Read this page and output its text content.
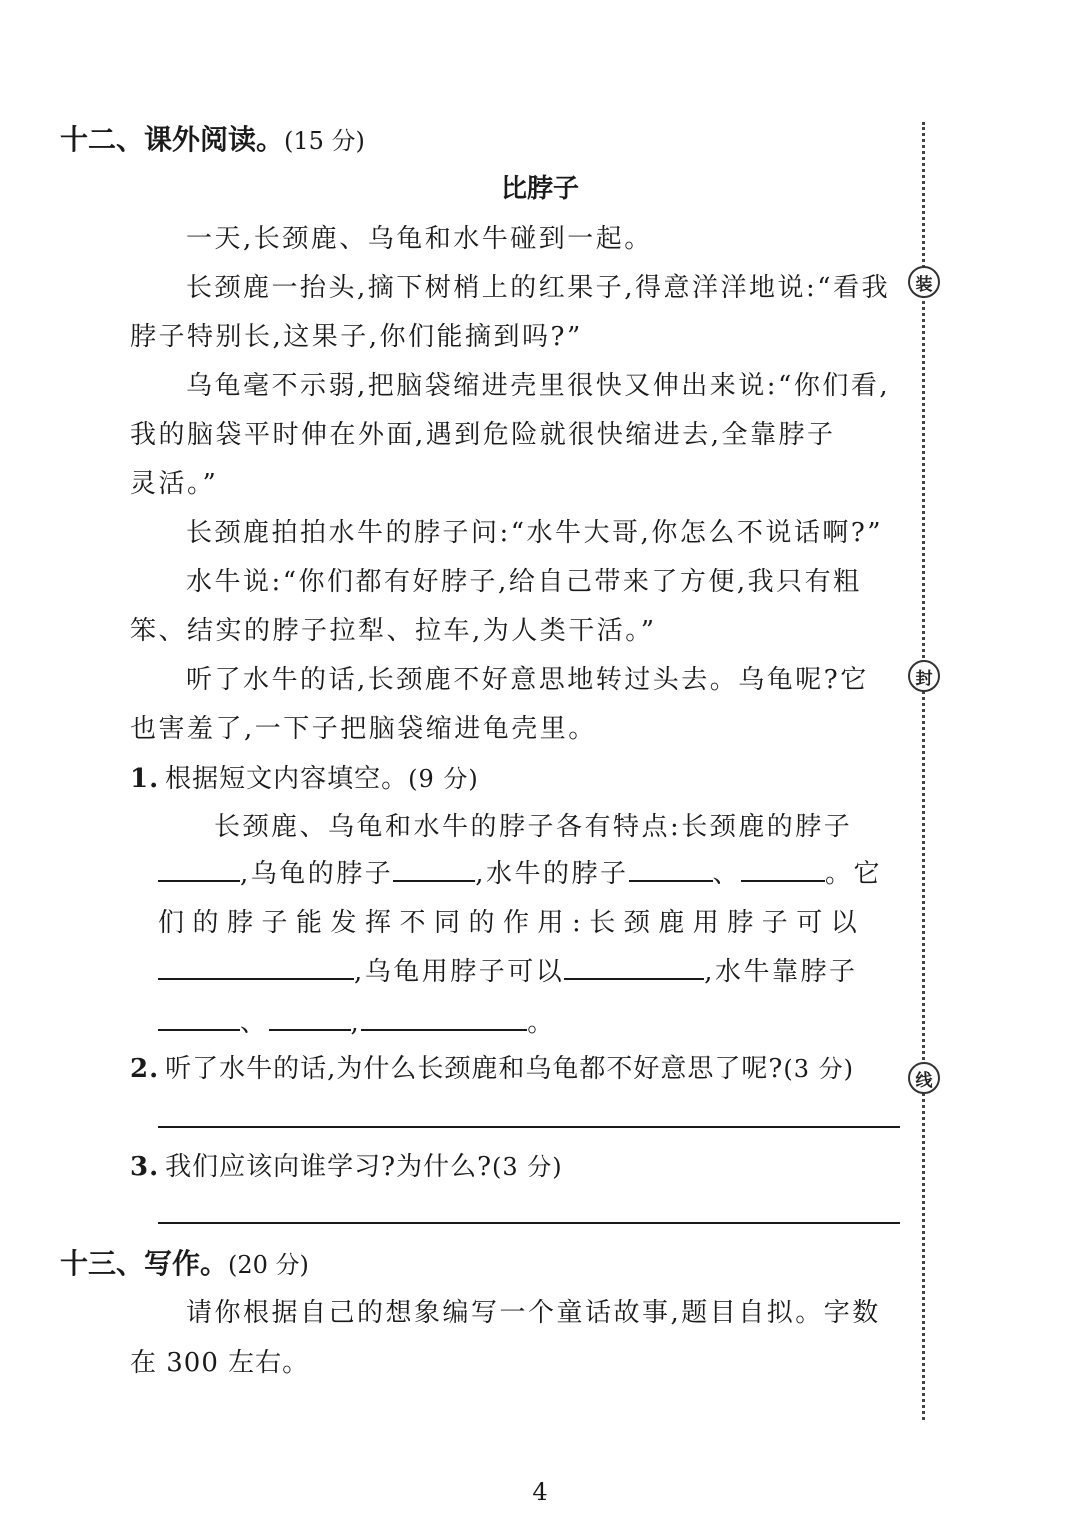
装
封
线
十二、课外阅读。(15 分)
比脖子
一天,长颈鹿、乌龟和水牛碰到一起。
长颈鹿一抬头,摘下树梢上的红果子,得意洋洋地说:“看我
脖子特别长,这果子,你们能摘到吗?”
乌龟毫不示弱,把脑袋缩进壳里很快又伸出来说:“你们看,
我的脑袋平时伸在外面,遇到危险就很快缩进去,全靠脖子
灵活。”
长颈鹿拍拍水牛的脖子问:“水牛大哥,你怎么不说话啊?”
水牛说:“你们都有好脖子,给自己带来了方便,我只有粗
笨、结实的脖子拉犁、拉车,为人类干活。”
听了水牛的话,长颈鹿不好意思地转过头去。乌龟呢?它
也害羞了,一下子把脑袋缩进龟壳里。
1. 根据短文内容填空。(9 分)
长颈鹿、乌龟和水牛的脖子各有特点:长颈鹿的脖子
,乌龟的脖子	,水牛的脖子	、	。它
们的脖子能发挥不同的作用:长颈鹿用脖子可以
,乌龟用脖子可以	,水牛靠脖子
、	,	。
2. 听了水牛的话,为什么长颈鹿和乌龟都不好意思了呢?(3 分)
3. 我们应该向谁学习?为什么?(3 分)
十三、写作。(20 分)
请你根据自己的想象编写一个童话故事,题目自拟。字数
在 300 左右。
4
